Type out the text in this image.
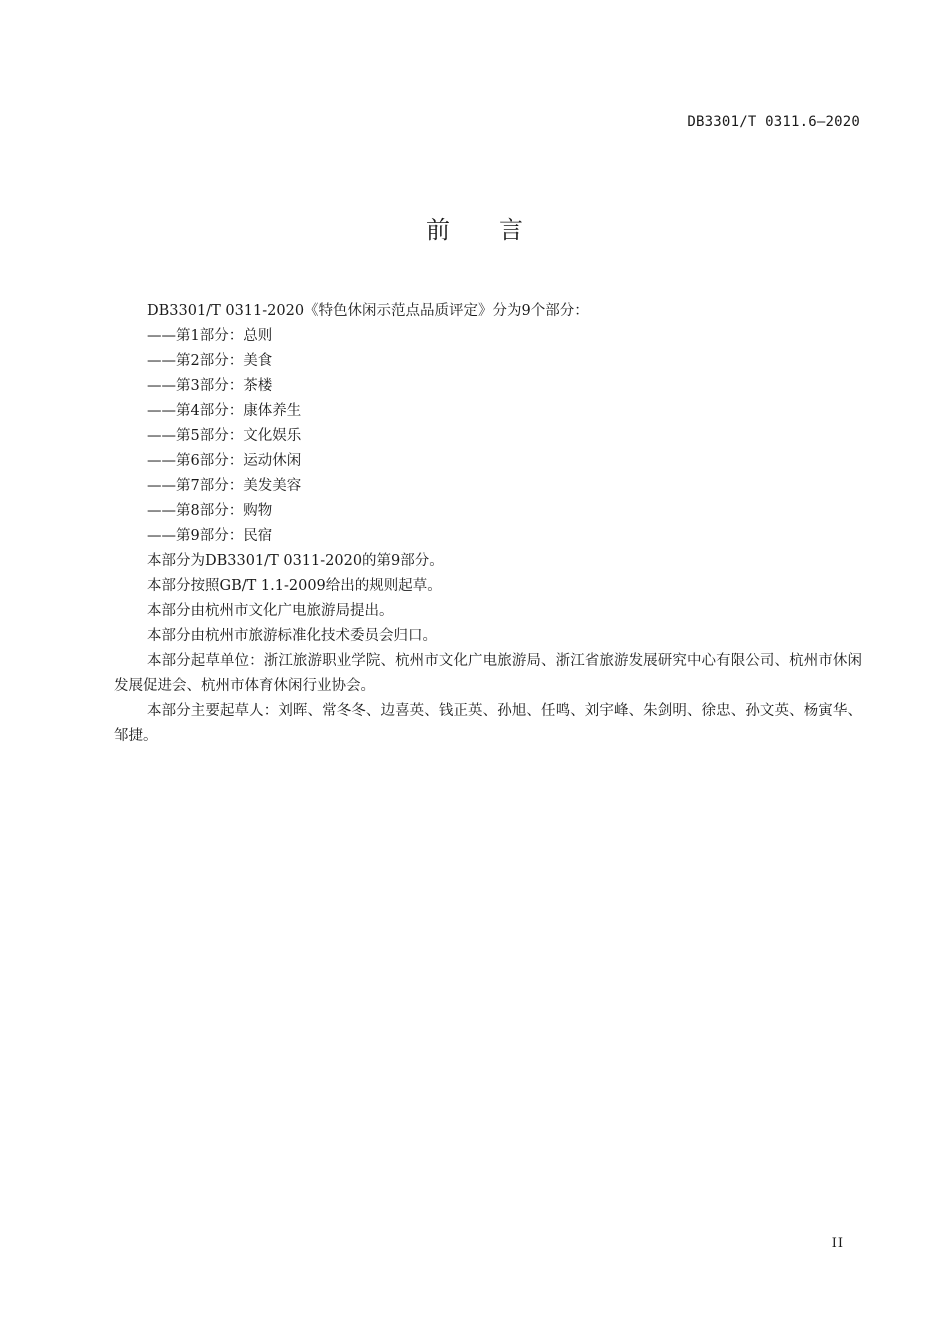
DB3301/T 0311.6—2020
前 言

DB3301/T 0311-2020《特色休闲示范点品质评定》分为9个部分：

——第1部分：总则

——第2部分：美食

——第3部分：茶楼

——第4部分：康体养生

——第5部分：文化娱乐

——第6部分：运动休闲

——第7部分：美发美容

——第8部分：购物

——第9部分：民宿

本部分为DB3301/T 0311-2020的第9部分。

本部分按照GB/T 1.1-2009给出的规则起草。

本部分由杭州市文化广电旅游局提出。

本部分由杭州市旅游标准化技术委员会归口。

本部分起草单位：浙江旅游职业学院、杭州市文化广电旅游局、浙江省旅游发展研究中心有限公司、杭州市休闲发展促进会、杭州市体育休闲行业协会。

本部分主要起草人：刘晖、常冬冬、边喜英、钱正英、孙旭、任鸣、刘宇峰、朱剑明、徐忠、孙文英、杨寅华、邹捷。

II
